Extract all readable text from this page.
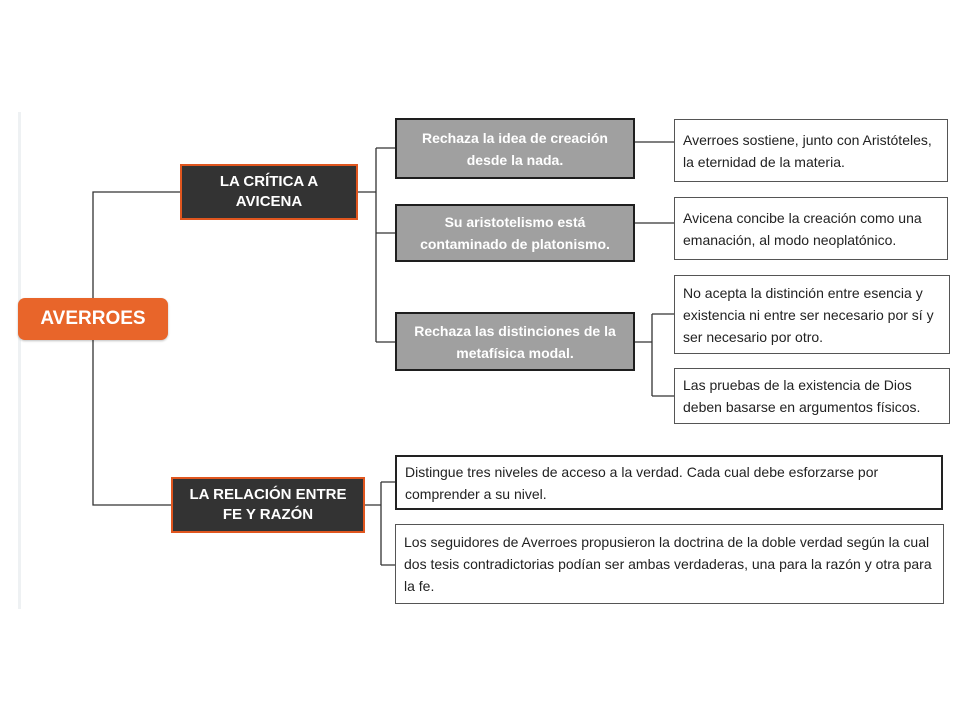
AVERROES
LA CRÍTICA A AVICENA
LA RELACIÓN ENTRE FE Y RAZÓN
Rechaza la idea de creación desde la nada.
Su aristotelismo está contaminado de platonismo.
Rechaza las distinciones de la metafísica modal.
Averroes sostiene, junto con Aristóteles, la eternidad de la materia.
Avicena concibe la creación como una emanación, al modo neoplatónico.
No acepta la distinción entre esencia y existencia ni entre ser necesario por sí y ser necesario por otro.
Las pruebas de la existencia de Dios deben basarse en argumentos físicos.
Distingue tres niveles de acceso a la verdad. Cada cual debe esforzarse por comprender a su nivel.
Los seguidores de Averroes propusieron la doctrina de la doble verdad según la cual dos tesis contradictorias podían ser ambas verdaderas, una para la razón y otra para la fe.
